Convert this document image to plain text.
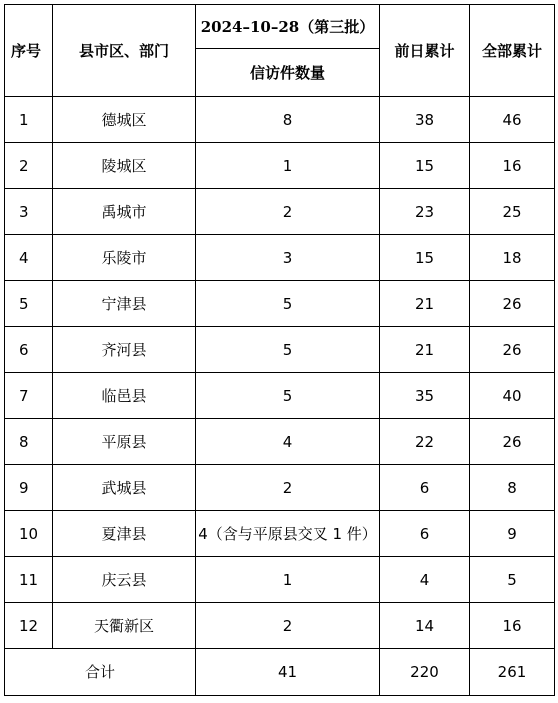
序号	县市区、部门	2024–10–28（第三批）	前日累计	全部累计
		信访件数量		
1	德城区	8	38	46
2	陵城区	1	15	16
3	禹城市	2	23	25
4	乐陵市	3	15	18
5	宁津县	5	21	26
6	齐河县	5	21	26
7	临邑县	5	35	40
8	平原县	4	22	26
9	武城县	2	6	8
10	夏津县	4（含与平原县交叉 1 件）	6	9
11	庆云县	1	4	5
12	天衢新区	2	14	16
合计		41	220	261
